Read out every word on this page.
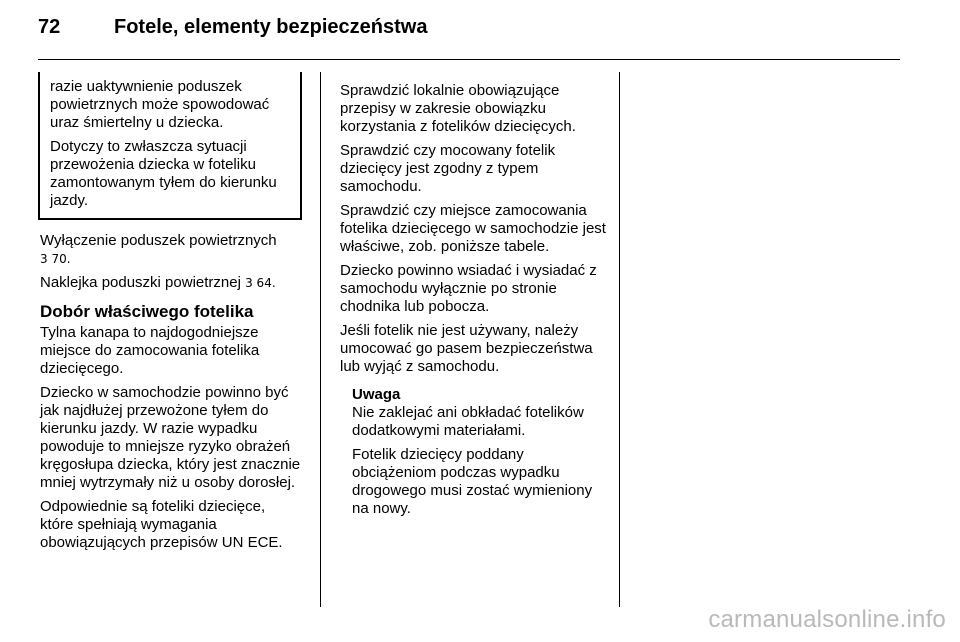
72	Fotele, elementy bezpieczeństwa

razie uaktywnienie poduszek powietrznych może spowodować uraz śmiertelny u dziecka.

Dotyczy to zwłaszcza sytuacji przewożenia dziecka w foteliku zamontowanym tyłem do kierunku jazdy.

Wyłączenie poduszek powietrznych
3 70.

Naklejka poduszki powietrznej 3 64.

Dobór właściwego fotelika

Tylna kanapa to najdogodniejsze miejsce do zamocowania fotelika dziecięcego.

Dziecko w samochodzie powinno być jak najdłużej przewożone tyłem do kierunku jazdy. W razie wypadku powoduje to mniejsze ryzyko obrażeń kręgosłupa dziecka, który jest znacznie mniej wytrzymały niż u osoby dorosłej.

Odpowiednie są foteliki dziecięce, które spełniają wymagania obowiązujących przepisów UN ECE.

Sprawdzić lokalnie obowiązujące przepisy w zakresie obowiązku korzystania z fotelików dziecięcych.

Sprawdzić czy mocowany fotelik dziecięcy jest zgodny z typem samochodu.

Sprawdzić czy miejsce zamocowania fotelika dziecięcego w samochodzie jest właściwe, zob. poniższe tabele.

Dziecko powinno wsiadać i wysiadać z samochodu wyłącznie po stronie chodnika lub pobocza.

Jeśli fotelik nie jest używany, należy umocować go pasem bezpieczeństwa lub wyjąć z samochodu.

Uwaga

Nie zaklejać ani obkładać fotelików dodatkowymi materiałami.

Fotelik dziecięcy poddany obciążeniom podczas wypadku drogowego musi zostać wymieniony na nowy.

carmanualsonline.info
